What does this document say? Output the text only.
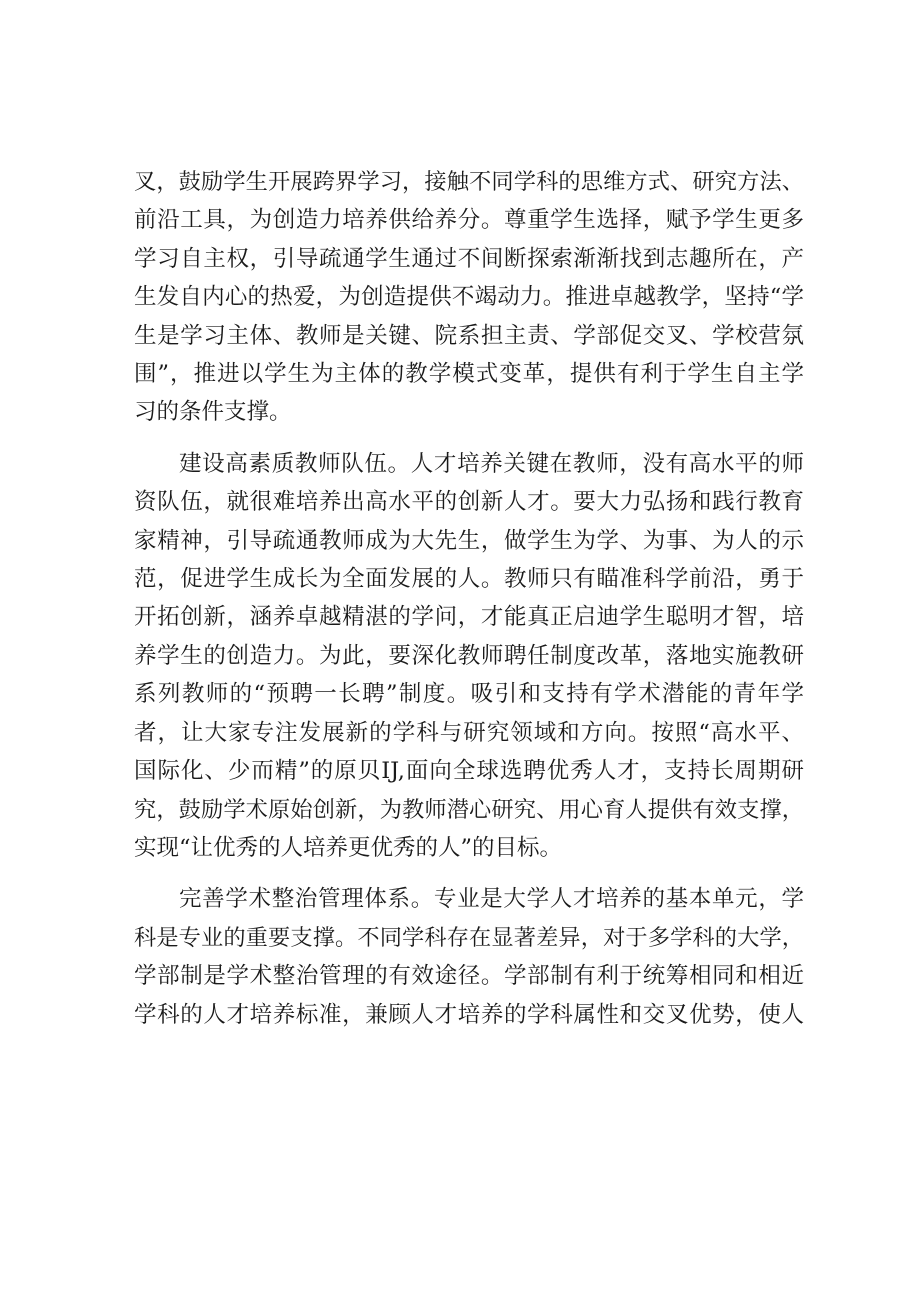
叉，鼓励学生开展跨界学习，接触不同学科的思维方式、研究方法、
前沿工具，为创造力培养供给养分。尊重学生选择，赋予学生更多
学习自主权，引导疏通学生通过不间断探索渐渐找到志趣所在，产
生发自内心的热爱，为创造提供不竭动力。推进卓越教学，坚持“学
生是学习主体、教师是关键、院系担主责、学部促交叉、学校营氛
围”，推进以学生为主体的教学模式变革，提供有利于学生自主学
习的条件支撑。

建设高素质教师队伍。人才培养关键在教师，没有高水平的师
资队伍，就很难培养出高水平的创新人才。要大力弘扬和践行教育
家精神，引导疏通教师成为大先生，做学生为学、为事、为人的示
范，促进学生成长为全面发展的人。教师只有瞄准科学前沿，勇于
开拓创新，涵养卓越精湛的学问，才能真正启迪学生聪明才智，培
养学生的创造力。为此，要深化教师聘任制度改革，落地实施教研
系列教师的“预聘一长聘”制度。吸引和支持有学术潜能的青年学
者，让大家专注发展新的学科与研究领域和方向。按照“高水平、
国际化、少而精”的原贝IJ,面向全球选聘优秀人才，支持长周期研
究，鼓励学术原始创新，为教师潜心研究、用心育人提供有效支撑，
实现“让优秀的人培养更优秀的人”的目标。

完善学术整治管理体系。专业是大学人才培养的基本单元，学
科是专业的重要支撑。不同学科存在显著差异，对于多学科的大学，
学部制是学术整治管理的有效途径。学部制有利于统筹相同和相近
学科的人才培养标准，兼顾人才培养的学科属性和交叉优势，使人
